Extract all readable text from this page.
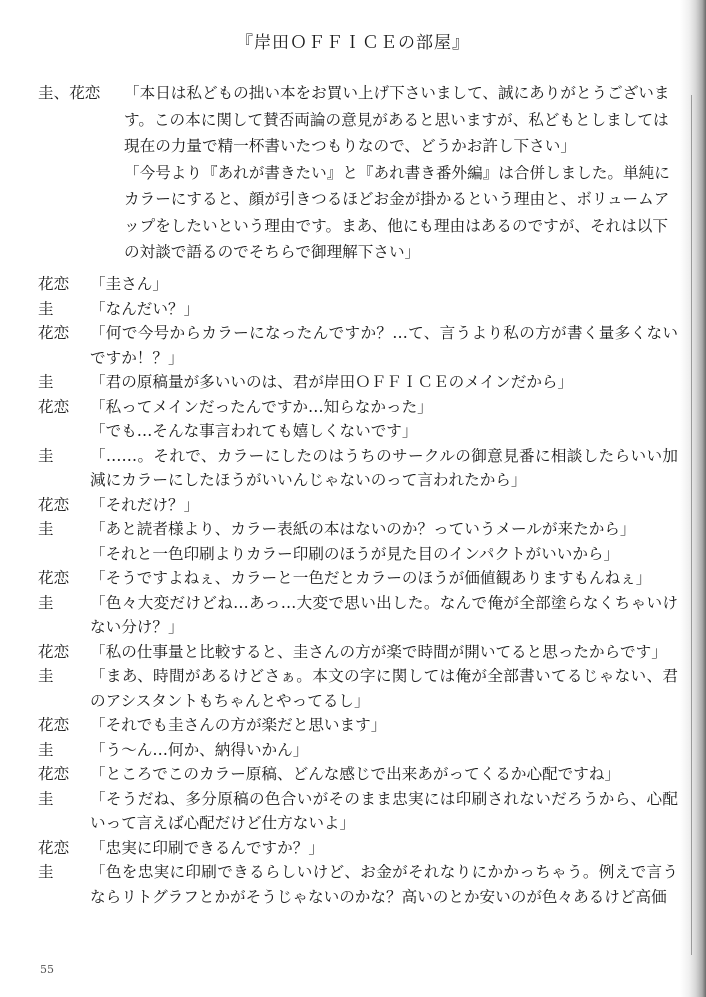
『岸田ＯＦＦＩＣＥの部屋』
圭、花恋	「本日は私どもの拙い本をお買い上げ下さいまして、誠にありがとうございます。この本に関して賛否両論の意見があると思いますが、私どもとしましては現在の力量で精一杯書いたつもりなので、どうかお許し下さい」

「今号より『あれが書きたい』と『あれ書き番外編』は合併しました。単純にカラーにすると、顔が引きつるほどお金が掛かるという理由と、ボリュームアップをしたいという理由です。まあ、他にも理由はあるのですが、それは以下の対談で語るのでそちらで御理解下さい」

花恋	「圭さん」
圭	「なんだい？」
花恋	「何で今号からカラーになったんですか？…て、言うより私の方が書く量多くないですか！？」
圭	「君の原稿量が多いいのは、君が岸田ＯＦＦＩＣＥのメインだから」
花恋	「私ってメインだったんですか…知らなかった」
「でも…そんな事言われても嬉しくないです」
圭	「……。それで、カラーにしたのはうちのサークルの御意見番に相談したらいい加減にカラーにしたほうがいいんじゃないのって言われたから」
花恋	「それだけ？」
圭	「あと読者様より、カラー表紙の本はないのか？っていうメールが来たから」
「それと一色印刷よりカラー印刷のほうが見た目のインパクトがいいから」
花恋	「そうですよねぇ、カラーと一色だとカラーのほうが価値観ありますもんねぇ」
圭	「色々大変だけどね…あっ…大変で思い出した。なんで俺が全部塗らなくちゃいけない分け？」
花恋	「私の仕事量と比較すると、圭さんの方が楽で時間が開いてると思ったからです」
圭	「まあ、時間があるけどさぁ。本文の字に関しては俺が全部書いてるじゃない、君のアシスタントもちゃんとやってるし」
花恋	「それでも圭さんの方が楽だと思います」
圭	「う～ん…何か、納得いかん」
花恋	「ところでこのカラー原稿、どんな感じで出来あがってくるか心配ですね」
圭	「そうだね、多分原稿の色合いがそのまま忠実には印刷されないだろうから、心配いって言えば心配だけど仕方ないよ」
花恋	「忠実に印刷できるんですか？」
圭	「色を忠実に印刷できるらしいけど、お金がそれなりにかかっちゃう。例えで言うならリトグラフとかがそうじゃないのかな？高いのとか安いのが色々あるけど高価
55
